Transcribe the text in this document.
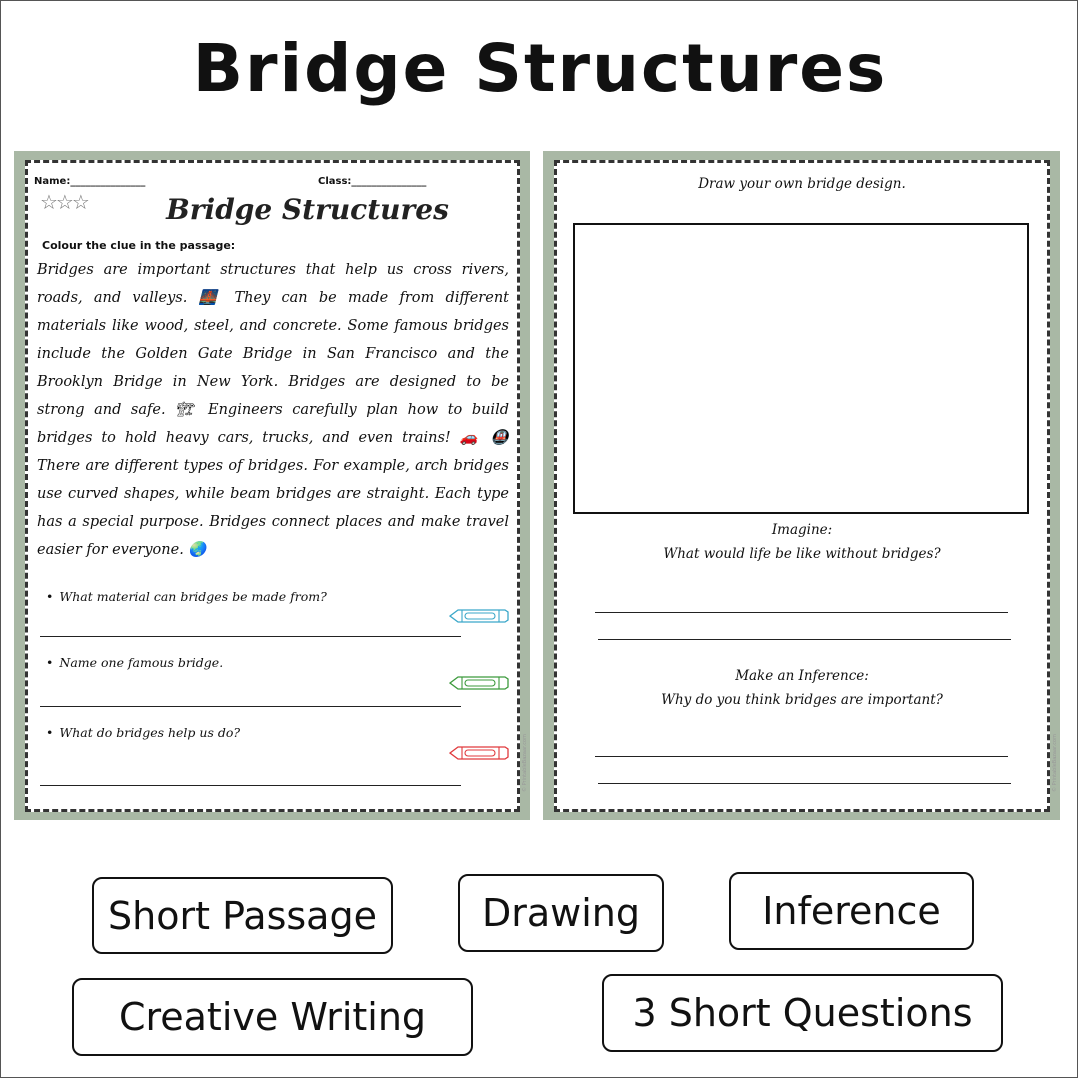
Bridge Structures
Name:_______________	Class:_______________
☆☆☆	Bridge Structures
Colour the clue in the passage:
Bridges are important structures that help us cross rivers,
roads, and valleys. 🌉 They can be made from different
materials like wood, steel, and concrete. Some famous bridges
include the Golden Gate Bridge in San Francisco and the
Brooklyn Bridge in New York. Bridges are designed to be
strong and safe. 🏗 Engineers carefully plan how to build
bridges to hold heavy cars, trucks, and even trains! 🚗 🚇
There are different types of bridges. For example, arch bridges
use curved shapes, while beam bridges are straight. Each type
has a special purpose. Bridges connect places and make travel
easier for everyone. 🌏
• What material can bridges be made from?
• Name one famous bridge.
• What do bridges help us do?
© PrintableBazaar.com
Draw your own bridge design.
Imagine:
What would life be like without bridges?
Make an Inference:
Why do you think bridges are important?
© PrintableBazaar.com
Short Passage	Drawing	Inference
Creative Writing	3 Short Questions
